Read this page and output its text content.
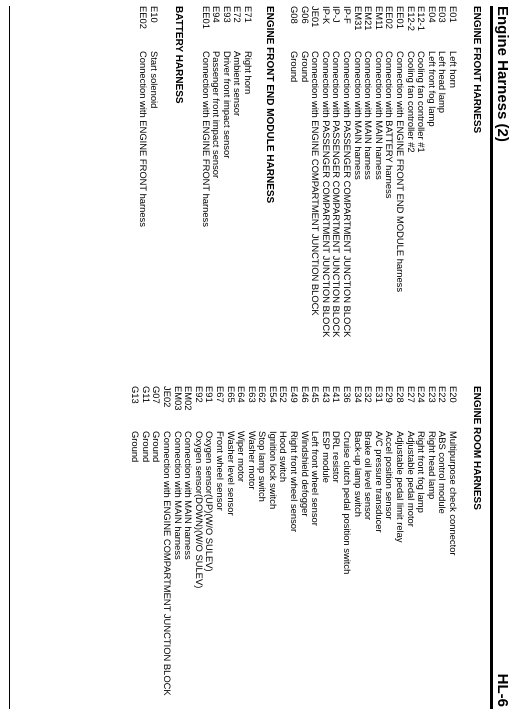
Engine Harness (2)
HL-6
ENGINE FRONT HARNESS
E01Left horn
E03Left head lamp
E04Left front fog lamp
E12-1Cooling fan controller #1
E12-2Cooling fan controller #2
EE01Connection with ENGINE FRONT END MODULE harness
EE02Connection with BATTERY harness
EM11Connection with MAIN harness
EM21Connection with MAIN harness
EM31Connection with MAIN harness
IP-FConnection with PASSENGER COMPARTMENT JUNCTION BLOCK
IP-JConnection with PASSENGER COMPARTMENT JUNCTION BLOCK
IP-KConnection with PASSENGER COMPARTMENT JUNCTION BLOCK
JE01Connection with ENGINE COMPARTMENT JUNCTION BLOCK
G06Ground
G08Ground
ENGINE FRONT END MODULE HARNESS
E71Right horn
E72Ambient sensor
E93Driver front impact sensor
E94Passenger front impact sensor
EE01Connection with ENGINE FRONT harness
BATTERY HARNESS
E10Start solenoid
EE02Connection with ENGINE FRONT harness
ENGINE ROOM HARNESS
E20Multipurpose check connector
E22ABS control module
E23Right head lamp
E24Right front fog lamp
E27Adjustable pedal motor
E28Adjustable pedal limit relay
E29Accel position sensor
E31A/C pressure transducer
E32Brake oil level sensor
E34Back-up lamp switch
E36Cruise clutch pedal position switch
E41DRL resistor
E43ESP module
E45Left front wheel sensor
E46Windshield defogger
E49Right front wheel sensor
E52Hood switch
E54Ignition lock switch
E62Stop lamp switch
E63Washer motor
E64Wiper motor
E65Washer level sensor
E67Front wheel sensor
E91Oxygen sensor(UP)(W/O SULEV)
E92Oxygen sensor(DOWN)(W/O SULEV)
EM02Connection with MAIN harness
EM03Connection with MAIN harness
JE02Connection with ENGINE COMPARTMENT JUNCTION BLOCK
G07Ground
G11Ground
G13Ground
